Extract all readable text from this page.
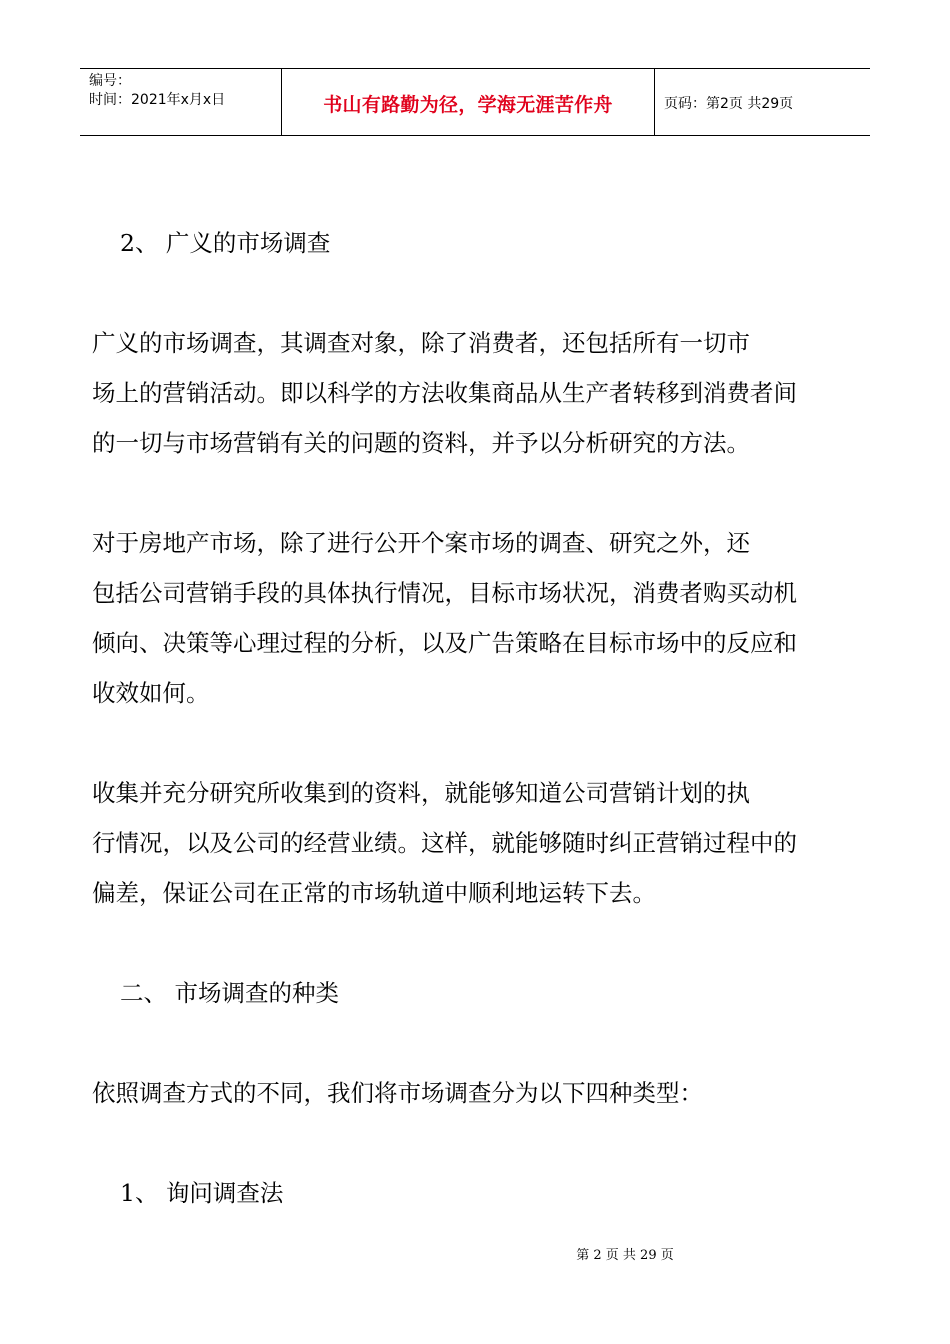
编号：
时间：2021年x月x日	书山有路勤为径，学海无涯苦作舟	页码：第2页 共29页
2、 广义的市场调查
广义的市场调查，其调查对象，除了消费者，还包括所有一切市
场上的营销活动。即以科学的方法收集商品从生产者转移到消费者间
的一切与市场营销有关的问题的资料，并予以分析研究的方法。
对于房地产市场，除了进行公开个案市场的调查、研究之外，还
包括公司营销手段的具体执行情况，目标市场状况，消费者购买动机
倾向、决策等心理过程的分析，以及广告策略在目标市场中的反应和
收效如何。
收集并充分研究所收集到的资料，就能够知道公司营销计划的执
行情况，以及公司的经营业绩。这样，就能够随时纠正营销过程中的
偏差，保证公司在正常的市场轨道中顺利地运转下去。
二、 市场调查的种类
依照调查方式的不同，我们将市场调查分为以下四种类型：
1、 询问调查法
第 2 页 共 29 页
